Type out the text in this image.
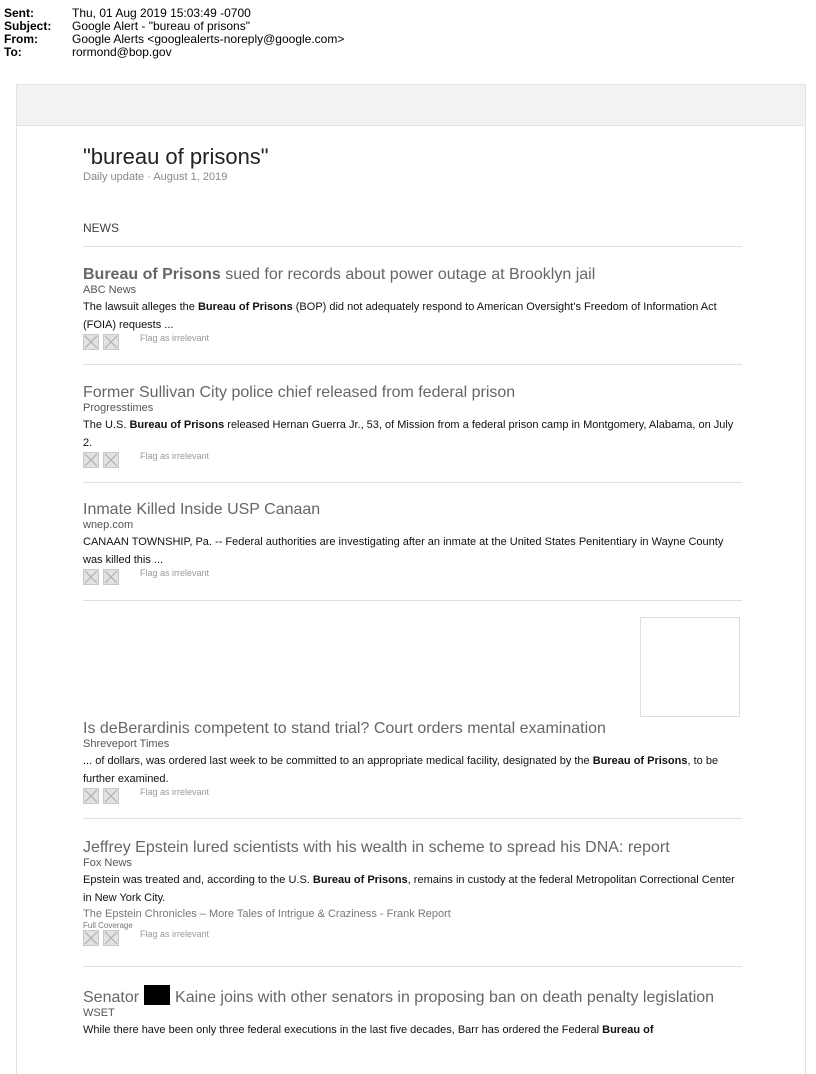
Sent:	Thu, 01 Aug 2019 15:03:49 -0700
Subject:	Google Alert - "bureau of prisons"
From:	Google Alerts <googlealerts-noreply@google.com>
To:	rormond@bop.gov
"bureau of prisons"
Daily update · August 1, 2019
NEWS
Bureau of Prisons sued for records about power outage at Brooklyn jail
ABC News
The lawsuit alleges the Bureau of Prisons (BOP) did not adequately respond to American Oversight's Freedom of Information Act (FOIA) requests ...
Flag as irrelevant
Former Sullivan City police chief released from federal prison
Progresstimes
The U.S. Bureau of Prisons released Hernan Guerra Jr., 53, of Mission from a federal prison camp in Montgomery, Alabama, on July 2.
Flag as irrelevant
Inmate Killed Inside USP Canaan
wnep.com
CANAAN TOWNSHIP, Pa. -- Federal authorities are investigating after an inmate at the United States Penitentiary in Wayne County was killed this ...
Flag as irrelevant
Is deBerardinis competent to stand trial? Court orders mental examination
Shreveport Times
... of dollars, was ordered last week to be committed to an appropriate medical facility, designated by the Bureau of Prisons, to be further examined.
Flag as irrelevant
Jeffrey Epstein lured scientists with his wealth in scheme to spread his DNA: report
Fox News
Epstein was treated and, according to the U.S. Bureau of Prisons, remains in custody at the federal Metropolitan Correctional Center in New York City.
The Epstein Chronicles – More Tales of Intrigue & Craziness - Frank Report
Full Coverage
Flag as irrelevant
Senator Kaine joins with other senators in proposing ban on death penalty legislation
WSET
While there have been only three federal executions in the last five decades, Barr has ordered the Federal Bureau of
